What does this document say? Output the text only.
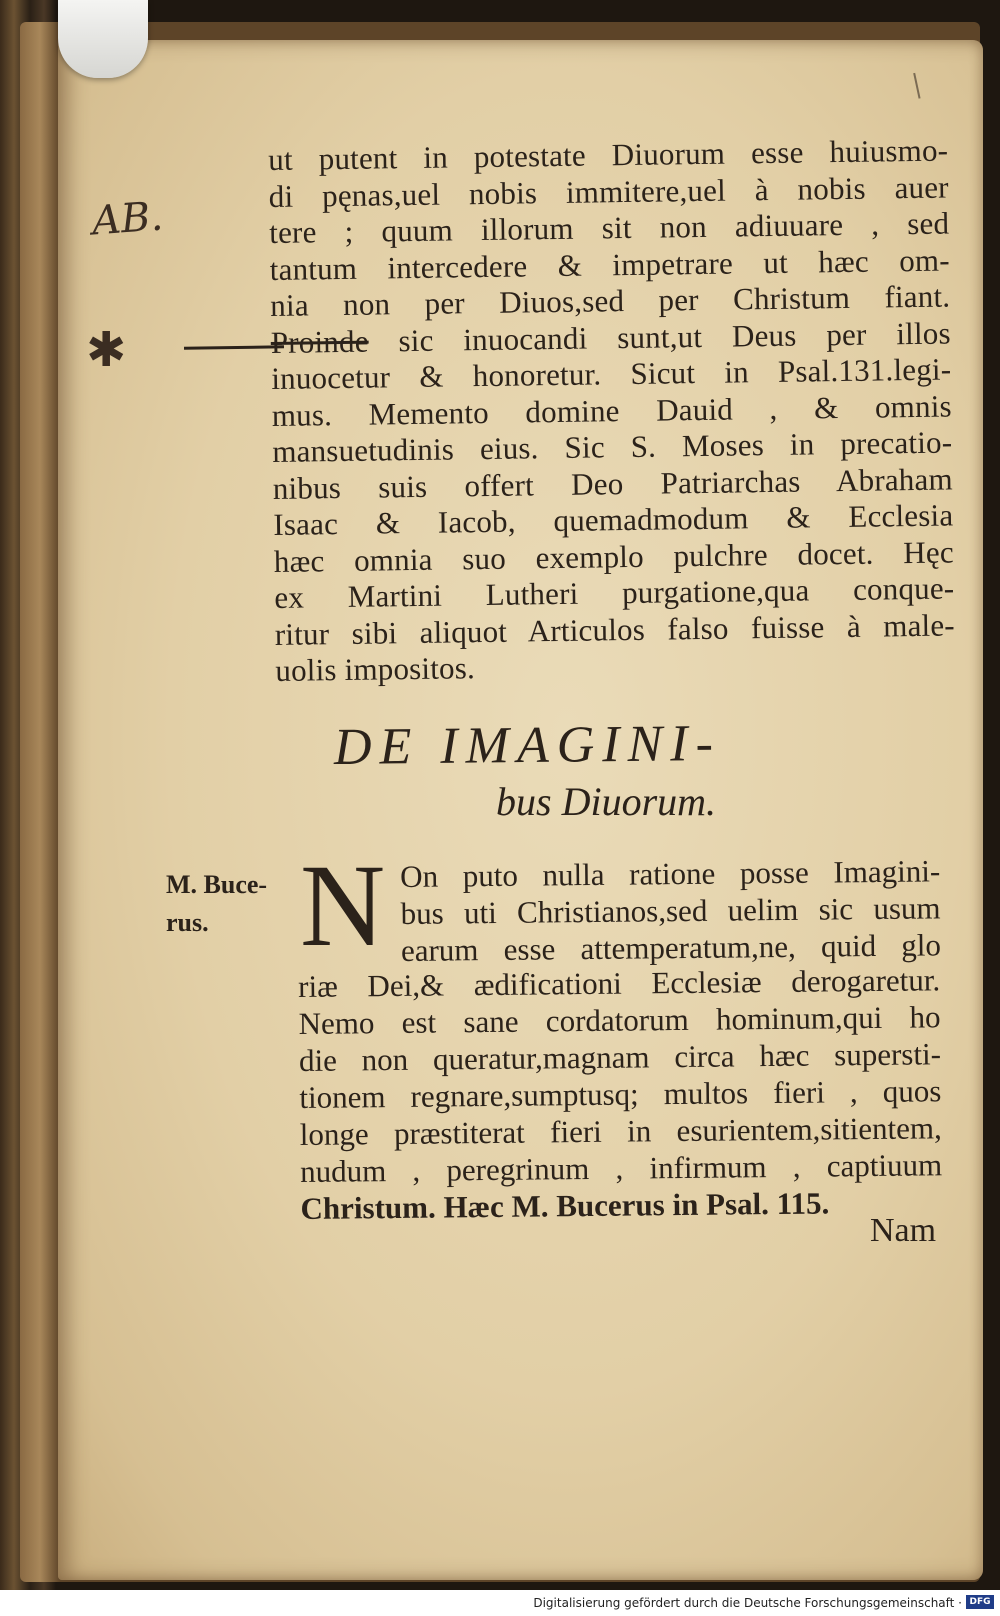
AB.
✱
ut putent in potestate Diuorum esse huiusmo-
di pęnas,uel nobis immitere,uel à nobis auer
tere ; quum illorum sit non adiuuare , sed
tantum intercedere & impetrare ut hæc om-
nia non per Diuos,sed per Christum fiant.
Proinde sic inuocandi sunt,ut Deus per illos
inuocetur & honoretur. Sicut in Psal.131.legi-
mus. Memento domine Dauid , & omnis
mansuetudinis eius. Sic S. Moses in precatio-
nibus suis offert Deo Patriarchas Abraham
Isaac & Iacob, quemadmodum & Ecclesia
hæc omnia suo exemplo pulchre docet. Hęc
ex Martini Lutheri purgatione,qua conque-
ritur sibi aliquot Articulos falso fuisse à male-
uolis impositos.
DE IMAGINI-
bus Diuorum.
M. Buce-
rus. N On puto nulla ratione posse Imagini-
bus uti Christianos,sed uelim sic usum
earum esse attemperatum,ne, quid glo
riæ Dei,& ædificationi Ecclesiæ derogaretur.
Nemo est sane cordatorum hominum,qui ho
die non queratur,magnam circa hæc supersti-
tionem regnare,sumptusq; multos fieri , quos
longe præstiterat fieri in esurientem,sitientem,
nudum , peregrinum , infirmum , captiuum
Christum. Hæc M. Bucerus in Psal. 115.
Nam
Digitalisierung gefördert durch die Deutsche Forschungsgemeinschaft · DFG
